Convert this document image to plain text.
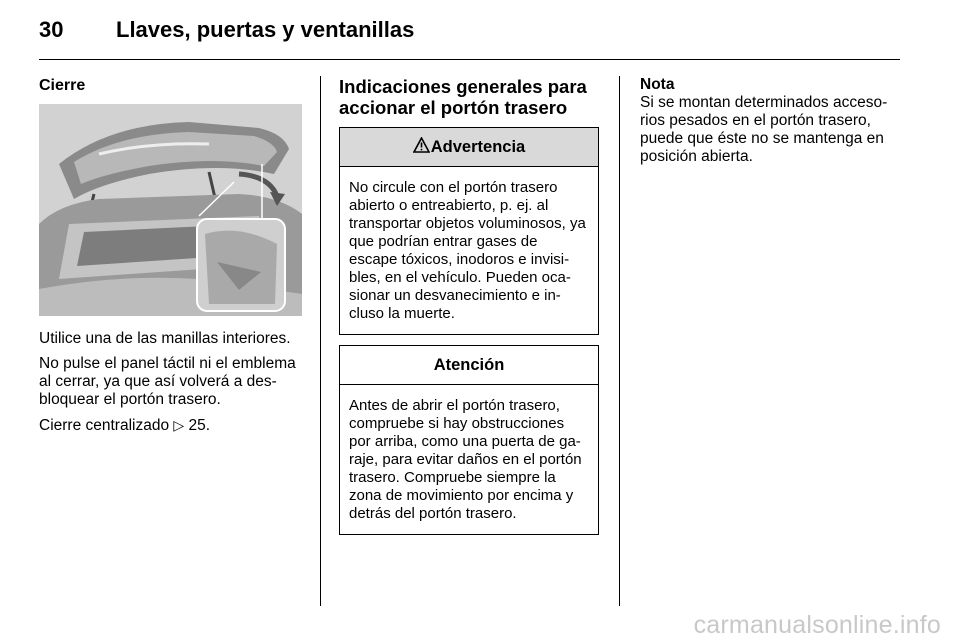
30 Llaves, puertas y ventanillas

Cierre

Utilice una de las manillas interiores.

No pulse el panel táctil ni el emblema al cerrar, ya que así volverá a des-bloquear el portón trasero.

Cierre centralizado ▷ 25.

Indicaciones generales para accionar el portón trasero

Advertencia
No circule con el portón trasero abierto o entreabierto, p. ej. al transportar objetos voluminosos, ya que podrían entrar gases de escape tóxicos, inodoros e invisi-bles, en el vehículo. Pueden oca-sionar un desvanecimiento e in-cluso la muerte.
Atención
Antes de abrir el portón trasero, compruebe si hay obstrucciones por arriba, como una puerta de ga-raje, para evitar daños en el portón trasero. Compruebe siempre la zona de movimiento por encima y detrás del portón trasero.

Nota

Si se montan determinados acceso-rios pesados en el portón trasero, puede que éste no se mantenga en posición abierta.

carmanualsonline.info
